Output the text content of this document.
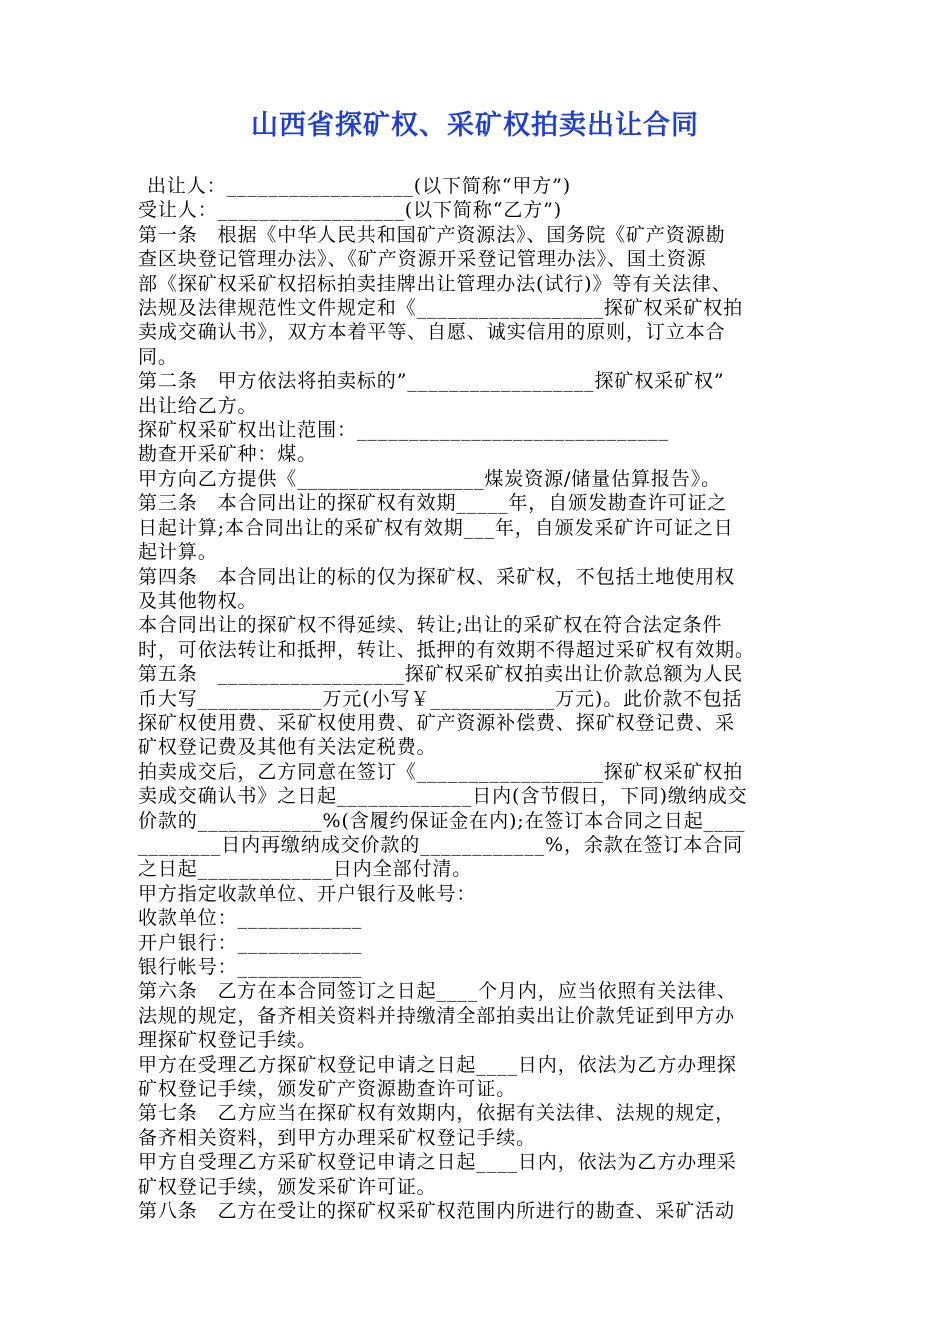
山西省探矿权、采矿权拍卖出让合同

出让人：__________________(以下简称“甲方”)

受让人：__________________(以下简称“乙方”)

第一条　根据《中华人民共和国矿产资源法》、国务院《矿产资源勘

查区块登记管理办法》、《矿产资源开采登记管理办法》、国土资源

部《探矿权采矿权招标拍卖挂牌出让管理办法(试行)》等有关法律、

法规及法律规范性文件规定和《__________________探矿权采矿权拍

卖成交确认书》，双方本着平等、自愿、诚实信用的原则，订立本合

同。

第二条　甲方依法将拍卖标的”__________________探矿权采矿权”

出让给乙方。

探矿权采矿权出让范围：______________________________

勘查开采矿种：煤。

甲方向乙方提供《__________________煤炭资源/储量估算报告》。

第三条　本合同出让的探矿权有效期_____年，自颁发勘查许可证之

日起计算;本合同出让的采矿权有效期___年，自颁发采矿许可证之日

起计算。

第四条　本合同出让的标的仅为探矿权、采矿权，不包括土地使用权

及其他物权。

本合同出让的探矿权不得延续、转让;出让的采矿权在符合法定条件

时，可依法转让和抵押，转让、抵押的有效期不得超过采矿权有效期。

第五条　__________________探矿权采矿权拍卖出让价款总额为人民

币大写____________万元(小写￥____________万元)。此价款不包括

探矿权使用费、采矿权使用费、矿产资源补偿费、探矿权登记费、采

矿权登记费及其他有关法定税费。

拍卖成交后，乙方同意在签订《__________________探矿权采矿权拍

卖成交确认书》之日起_____________日内(含节假日，下同)缴纳成交

价款的____________%(含履约保证金在内);在签订本合同之日起____

________日内再缴纳成交价款的____________%，余款在签订本合同

之日起_____________日内全部付清。

甲方指定收款单位、开户银行及帐号：

收款单位：____________

开户银行：____________

银行帐号：____________

第六条　乙方在本合同签订之日起____个月内，应当依照有关法律、

法规的规定，备齐相关资料并持缴清全部拍卖出让价款凭证到甲方办

理探矿权登记手续。

甲方在受理乙方探矿权登记申请之日起____日内，依法为乙方办理探

矿权登记手续，颁发矿产资源勘查许可证。

第七条　乙方应当在探矿权有效期内，依据有关法律、法规的规定，

备齐相关资料，到甲方办理采矿权登记手续。

甲方自受理乙方采矿权登记申请之日起____日内，依法为乙方办理采

矿权登记手续，颁发采矿许可证。

第八条　乙方在受让的探矿权采矿权范围内所进行的勘查、采矿活动
